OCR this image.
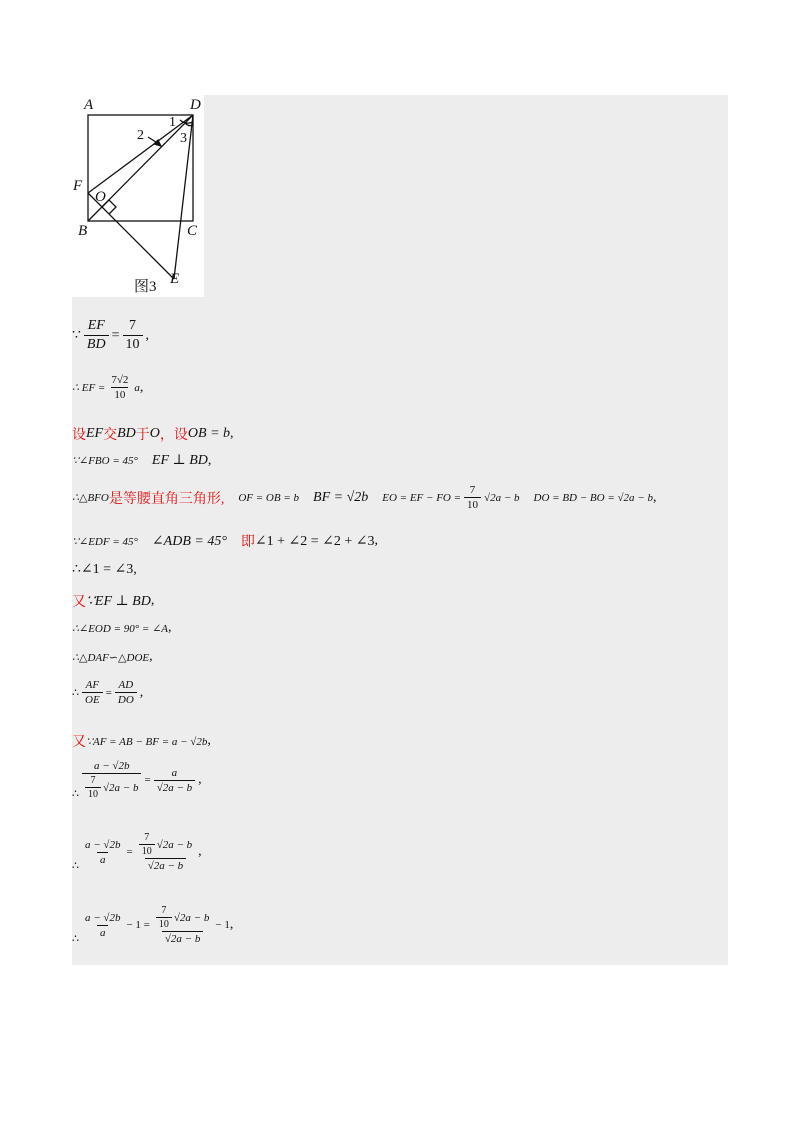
A	D
F
O
B	C
E
1
2	3
图3
∵ $\frac{EF}{BD} = \frac{7}{10}$ ,
∴ EF = $\frac{7√2}{10}$ a ,
设 EF 交 BD 于 O ，设 OB = b ,
∵∠FBO = 45° EF ⊥ BD ,
∴△BFO 是等腰直角三角形, OF = OB = b BF = √2b EO = EF − FO = $\frac{7}{10} √2a - b$ DO = BD − BO = √2a − b ,
∵∠EDF = 45° ∠ADB = 45° 即 ∠1 + ∠2 = ∠2 + ∠3 ,
∴∠1 = ∠3 ,
又 ∵EF ⊥ BD ,
∴∠EOD = 90° = ∠A ,
∴△DAF∽△DOE ,
∴ $\frac{AF}{OE} = \frac{AD}{DO}$ ,
又 ∵AF = AB − BF = a − √2b ,
∴ $\frac{a - √2b}{\frac{7}{10} √2a - b} = \frac{a}{√2a - b}$ ,
∴
$\frac{a - √2b}{a} = \frac{\frac{7}{10} √2a - b}{√2a - b}$ ,
∴
$\frac{a - √2b}{a} - 1 = \frac{\frac{7}{10} √2a - b}{√2a - b} - 1$ ,
